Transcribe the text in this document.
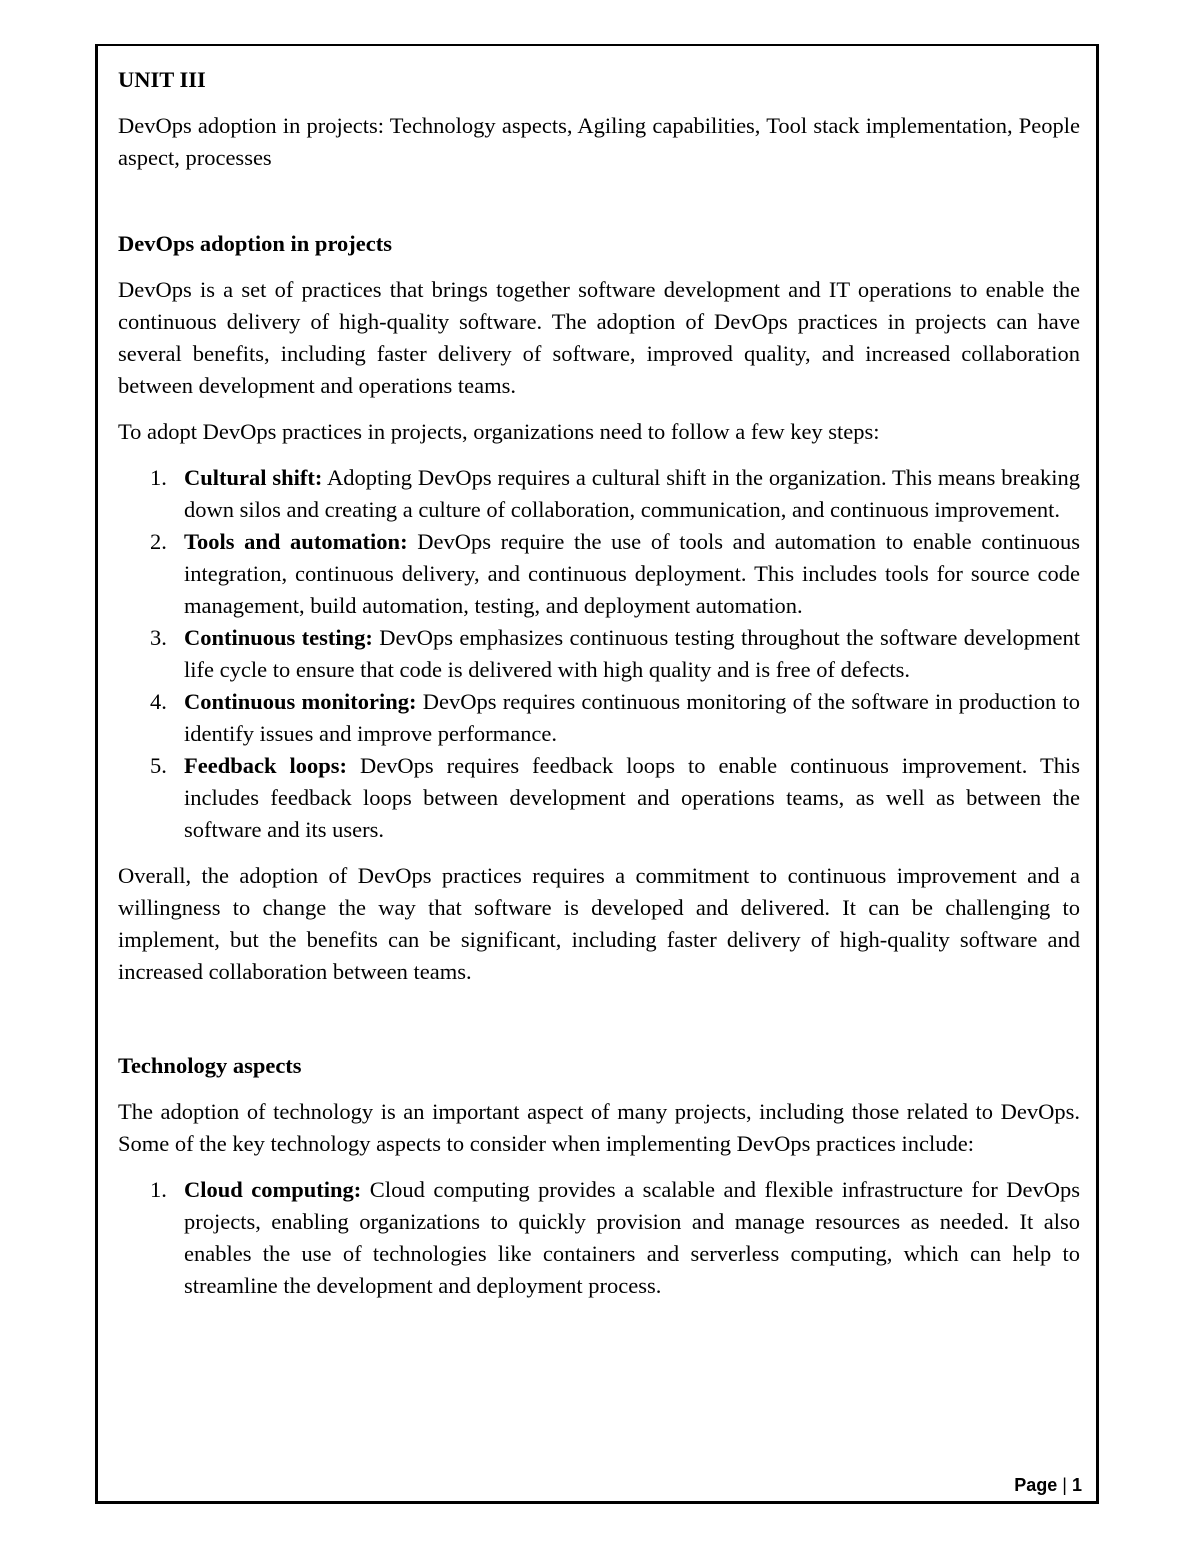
UNIT III

DevOps adoption in projects: Technology aspects, Agiling capabilities, Tool stack implementation, People aspect, processes

DevOps adoption in projects

DevOps is a set of practices that brings together software development and IT operations to enable the continuous delivery of high-quality software. The adoption of DevOps practices in projects can have several benefits, including faster delivery of software, improved quality, and increased collaboration between development and operations teams.

To adopt DevOps practices in projects, organizations need to follow a few key steps:

1. Cultural shift: Adopting DevOps requires a cultural shift in the organization. This means breaking down silos and creating a culture of collaboration, communication, and continuous improvement.
2. Tools and automation: DevOps require the use of tools and automation to enable continuous integration, continuous delivery, and continuous deployment. This includes tools for source code management, build automation, testing, and deployment automation.
3. Continuous testing: DevOps emphasizes continuous testing throughout the software development life cycle to ensure that code is delivered with high quality and is free of defects.
4. Continuous monitoring: DevOps requires continuous monitoring of the software in production to identify issues and improve performance.
5. Feedback loops: DevOps requires feedback loops to enable continuous improvement. This includes feedback loops between development and operations teams, as well as between the software and its users.

Overall, the adoption of DevOps practices requires a commitment to continuous improvement and a willingness to change the way that software is developed and delivered. It can be challenging to implement, but the benefits can be significant, including faster delivery of high-quality software and increased collaboration between teams.

Technology aspects

The adoption of technology is an important aspect of many projects, including those related to DevOps. Some of the key technology aspects to consider when implementing DevOps practices include:

1. Cloud computing: Cloud computing provides a scalable and flexible infrastructure for DevOps projects, enabling organizations to quickly provision and manage resources as needed. It also enables the use of technologies like containers and serverless computing, which can help to streamline the development and deployment process.
Page | 1
